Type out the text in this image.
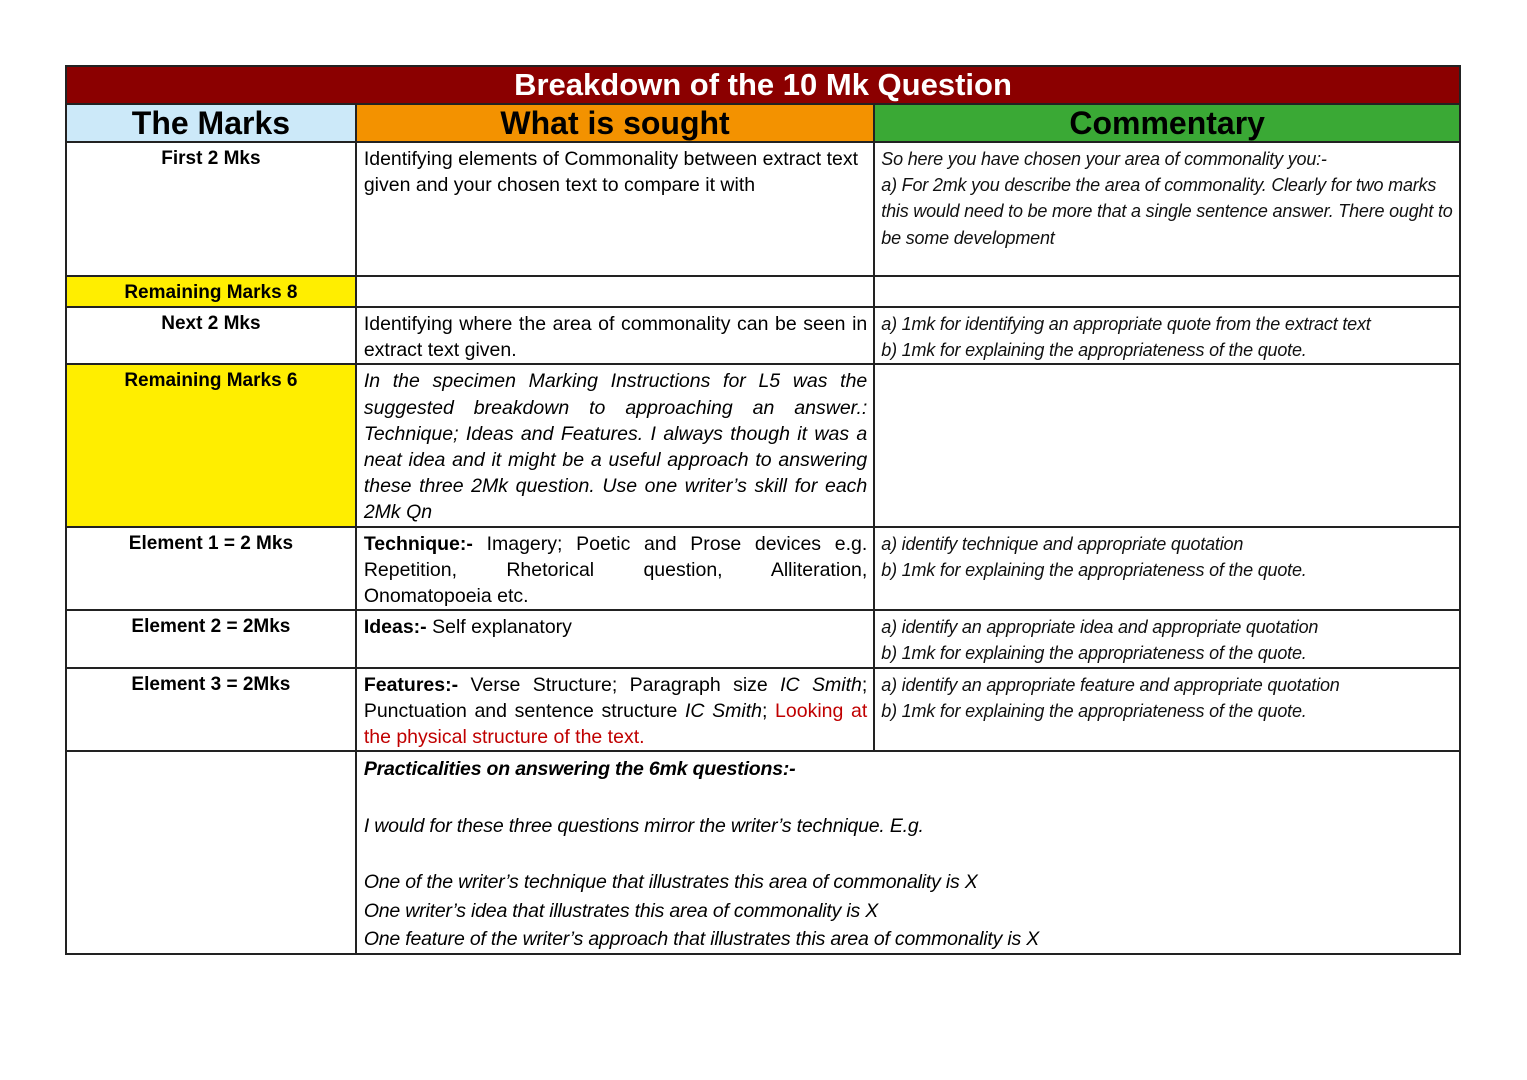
Breakdown of the 10 Mk Question		
The Marks	What is sought	Commentary
First 2 Mks	Identifying elements of Commonality between extract text given and your chosen text to compare it with	So here you have chosen your area of commonality you:-
a) For 2mk you describe the area of commonality. Clearly for two marks this would need to be more that a single sentence answer. There ought to be some development

Remaining Marks 8		
Next 2 Mks	Identifying where the area of commonality can be seen in extract text given.	a) 1mk for identifying an appropriate quote from the extract text
b) 1mk for explaining the appropriateness of the quote.

Remaining Marks 6	In the specimen Marking Instructions for L5 was the suggested breakdown to approaching an answer.: Technique; Ideas and Features. I always though it was a neat idea and it might be a useful approach to answering these three 2Mk question. Use one writer’s skill for each 2Mk Qn	
Element 1 = 2 Mks	Technique:- Imagery; Poetic and Prose devices e.g. Repetition, Rhetorical question, Alliteration, Onomatopoeia etc.	a) identify technique and appropriate quotation
b) 1mk for explaining the appropriateness of the quote.

Element 2 = 2Mks	Ideas:- Self explanatory	a) identify an appropriate idea and appropriate quotation
b) 1mk for explaining the appropriateness of the quote.

Element 3 = 2Mks	Features:- Verse Structure; Paragraph size IC Smith; Punctuation and sentence structure IC Smith; Looking at the physical structure of the text.	a) identify an appropriate feature and appropriate quotation
b) 1mk for explaining the appropriateness of the quote.

	Practicalities on answering the 6mk questions:-
I would for these three questions mirror the writer’s technique. E.g.
One of the writer’s technique that illustrates this area of commonality is X
One writer’s idea that illustrates this area of commonality is X
One feature of the writer’s approach that illustrates this area of commonality is X	
